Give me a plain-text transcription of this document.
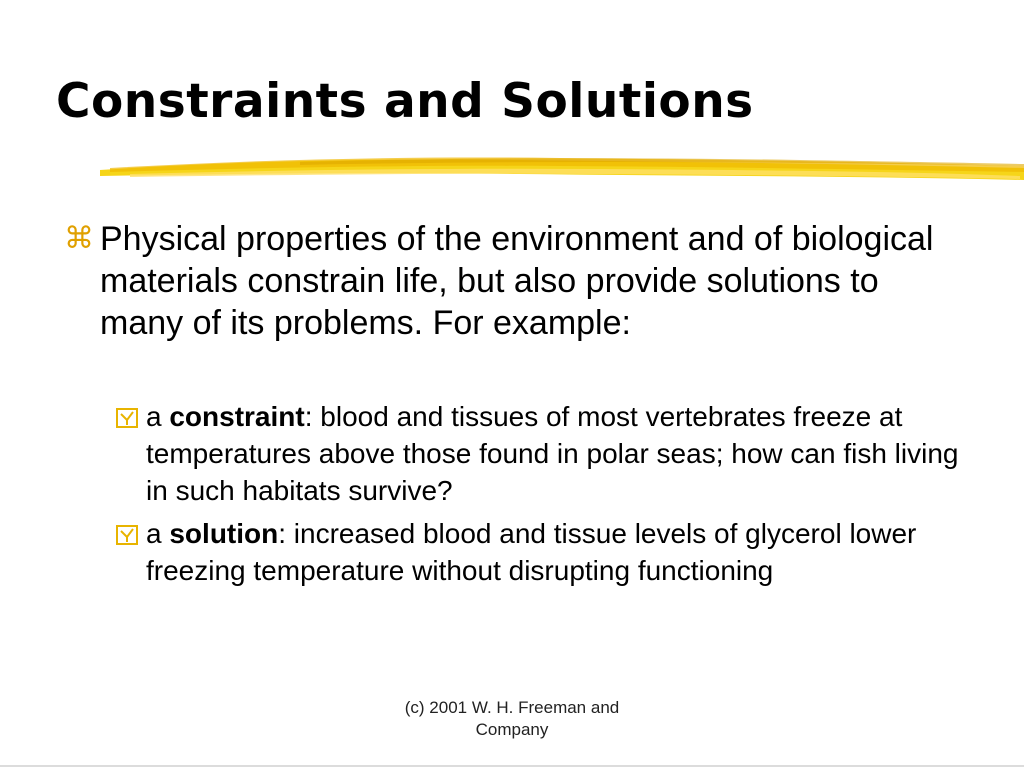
Constraints and Solutions
⌘ Physical properties of the environment and of biological materials constrain life, but also provide solutions to many of its problems. For example:
a constraint: blood and tissues of most vertebrates freeze at temperatures above those found in polar seas; how can fish living in such habitats survive?
a solution: increased blood and tissue levels of glycerol lower freezing temperature without disrupting functioning
(c) 2001 W. H. Freeman and
Company
